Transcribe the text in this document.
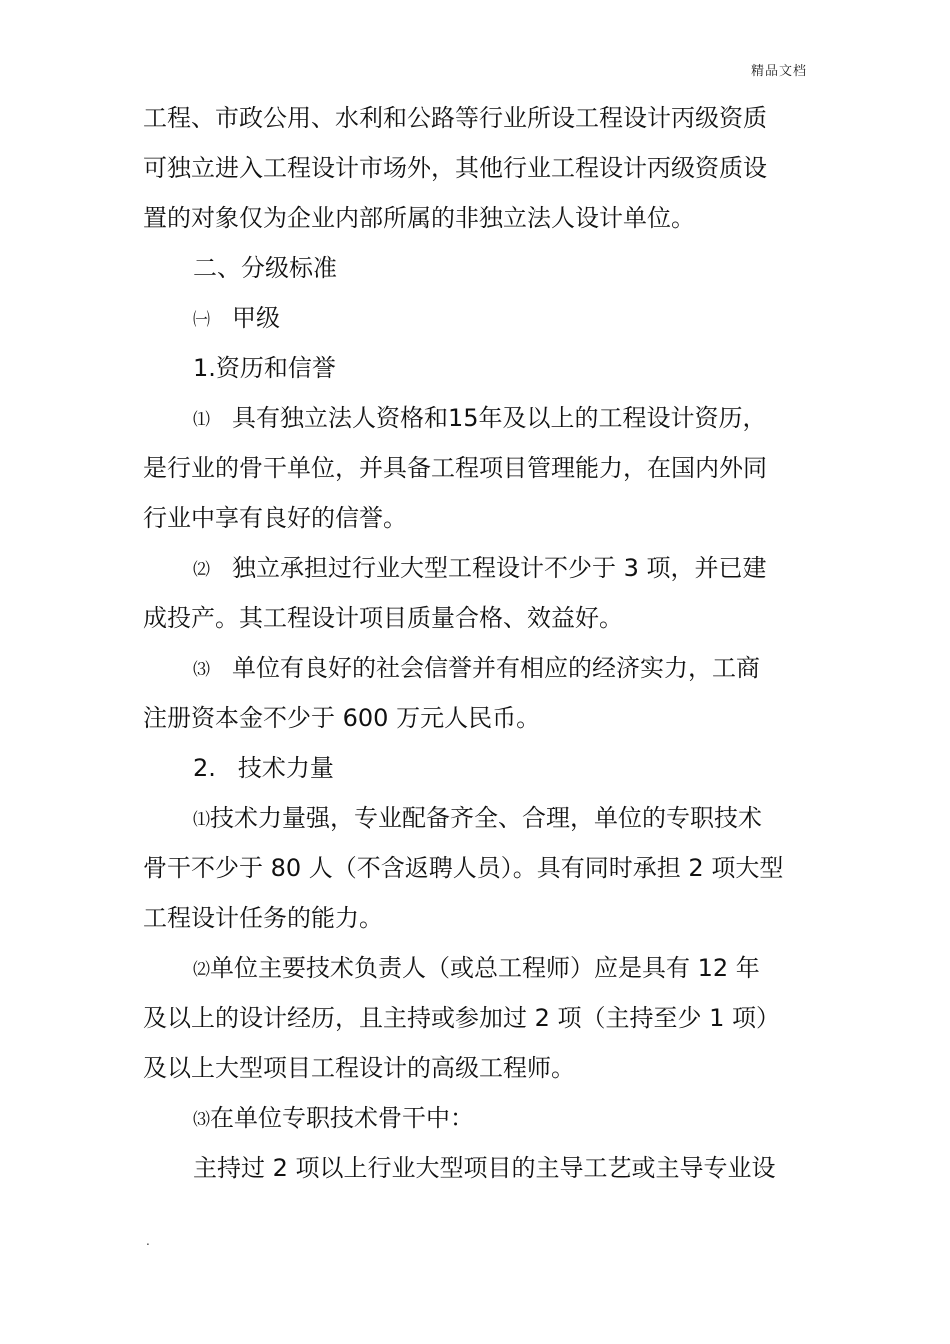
精品文档
工程、市政公用、水利和公路等行业所设工程设计丙级资质
可独立进入工程设计市场外，其他行业工程设计丙级资质设
置的对象仅为企业内部所属的非独立法人设计单位。
二、分级标准
㈠ 甲级
1.资历和信誉
⑴ 具有独立法人资格和15年及以上的工程设计资历，
是行业的骨干单位，并具备工程项目管理能力，在国内外同
行业中享有良好的信誉。
⑵ 独立承担过行业大型工程设计不少于 3 项，并已建
成投产。其工程设计项目质量合格、效益好。
⑶ 单位有良好的社会信誉并有相应的经济实力，工商
注册资本金不少于 600 万元人民币。
2. 技术力量
⑴技术力量强，专业配备齐全、合理，单位的专职技术
骨干不少于 80 人（不含返聘人员）。具有同时承担 2 项大型
工程设计任务的能力。
⑵单位主要技术负责人（或总工程师）应是具有 12 年
及以上的设计经历，且主持或参加过 2 项（主持至少 1 项）
及以上大型项目工程设计的高级工程师。
⑶在单位专职技术骨干中：
主持过 2 项以上行业大型项目的主导工艺或主导专业设
.
